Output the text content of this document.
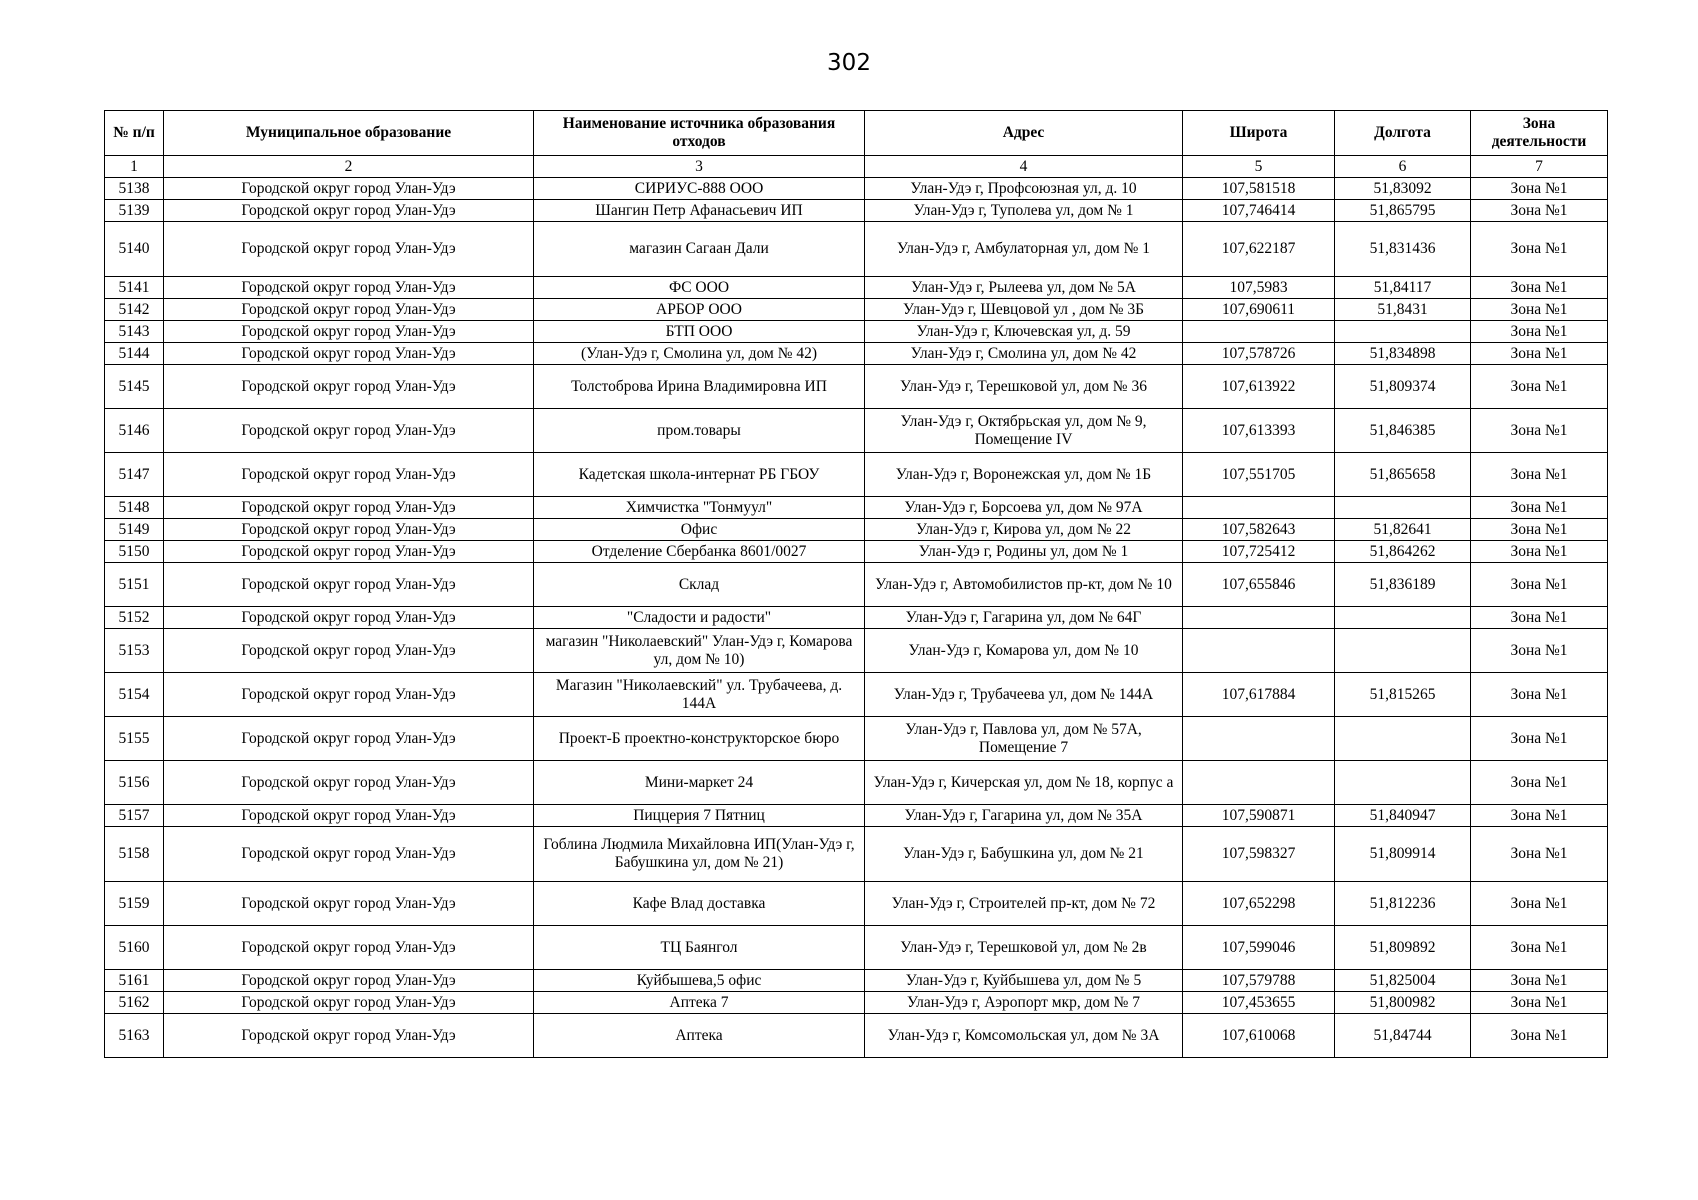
302
№ п/п	Муниципальное образование	Наименование источника образования отходов	Адрес	Широта	Долгота	Зона деятельности
1	2	3	4	5	6	7
5138	Городской округ город Улан-Удэ	СИРИУС-888 ООО	Улан-Удэ г, Профсоюзная ул, д. 10	107,581518	51,83092	Зона №1
5139	Городской округ город Улан-Удэ	Шангин Петр Афанасьевич ИП	Улан-Удэ г, Туполева ул, дом № 1	107,746414	51,865795	Зона №1
5140	Городской округ город Улан-Удэ	магазин Сагаан Дали	Улан-Удэ г, Амбулаторная ул, дом № 1	107,622187	51,831436	Зона №1
5141	Городской округ город Улан-Удэ	ФС ООО	Улан-Удэ г, Рылеева ул, дом № 5А	107,5983	51,84117	Зона №1
5142	Городской округ город Улан-Удэ	АРБОР ООО	Улан-Удэ г, Шевцовой ул , дом № 3Б	107,690611	51,8431	Зона №1
5143	Городской округ город Улан-Удэ	БТП ООО	Улан-Удэ г, Ключевская ул, д. 59			Зона №1
5144	Городской округ город Улан-Удэ	(Улан-Удэ г, Смолина ул, дом № 42)	Улан-Удэ г, Смолина ул, дом № 42	107,578726	51,834898	Зона №1
5145	Городской округ город Улан-Удэ	Толстоброва Ирина Владимировна ИП	Улан-Удэ г, Терешковой ул, дом № 36	107,613922	51,809374	Зона №1
5146	Городской округ город Улан-Удэ	пром.товары	Улан-Удэ г, Октябрьская ул, дом № 9, Помещение IV	107,613393	51,846385	Зона №1
5147	Городской округ город Улан-Удэ	Кадетская школа-интернат РБ ГБОУ	Улан-Удэ г, Воронежская ул, дом № 1Б	107,551705	51,865658	Зона №1
5148	Городской округ город Улан-Удэ	Химчистка "Тонмуул"	Улан-Удэ г, Борсоева ул, дом № 97А			Зона №1
5149	Городской округ город Улан-Удэ	Офис	Улан-Удэ г, Кирова ул, дом № 22	107,582643	51,82641	Зона №1
5150	Городской округ город Улан-Удэ	Отделение Сбербанка 8601/0027	Улан-Удэ г, Родины ул, дом № 1	107,725412	51,864262	Зона №1
5151	Городской округ город Улан-Удэ	Склад	Улан-Удэ г, Автомобилистов пр-кт, дом № 10	107,655846	51,836189	Зона №1
5152	Городской округ город Улан-Удэ	"Сладости и радости"	Улан-Удэ г, Гагарина ул, дом № 64Г			Зона №1
5153	Городской округ город Улан-Удэ	магазин "Николаевский" Улан-Удэ г, Комарова ул, дом № 10)	Улан-Удэ г, Комарова ул, дом № 10			Зона №1
5154	Городской округ город Улан-Удэ	Магазин "Николаевский" ул. Трубачеева, д. 144А	Улан-Удэ г, Трубачеева ул, дом № 144А	107,617884	51,815265	Зона №1
5155	Городской округ город Улан-Удэ	Проект-Б проектно-конструкторское бюро	Улан-Удэ г, Павлова ул, дом № 57А, Помещение 7			Зона №1
5156	Городской округ город Улан-Удэ	Мини-маркет 24	Улан-Удэ г, Кичерская ул, дом № 18, корпус а			Зона №1
5157	Городской округ город Улан-Удэ	Пиццерия 7 Пятниц	Улан-Удэ г, Гагарина ул, дом № 35А	107,590871	51,840947	Зона №1
5158	Городской округ город Улан-Удэ	Гоблина Людмила Михайловна ИП(Улан-Удэ г, Бабушкина ул, дом № 21)	Улан-Удэ г, Бабушкина ул, дом № 21	107,598327	51,809914	Зона №1
5159	Городской округ город Улан-Удэ	Кафе Влад доставка	Улан-Удэ г, Строителей пр-кт, дом № 72	107,652298	51,812236	Зона №1
5160	Городской округ город Улан-Удэ	ТЦ Баянгол	Улан-Удэ г, Терешковой ул, дом № 2в	107,599046	51,809892	Зона №1
5161	Городской округ город Улан-Удэ	Куйбышева,5 офис	Улан-Удэ г, Куйбышева ул, дом № 5	107,579788	51,825004	Зона №1
5162	Городской округ город Улан-Удэ	Аптека 7	Улан-Удэ г, Аэропорт мкр, дом № 7	107,453655	51,800982	Зона №1
5163	Городской округ город Улан-Удэ	Аптека	Улан-Удэ г, Комсомольская ул, дом № 3А	107,610068	51,84744	Зона №1
